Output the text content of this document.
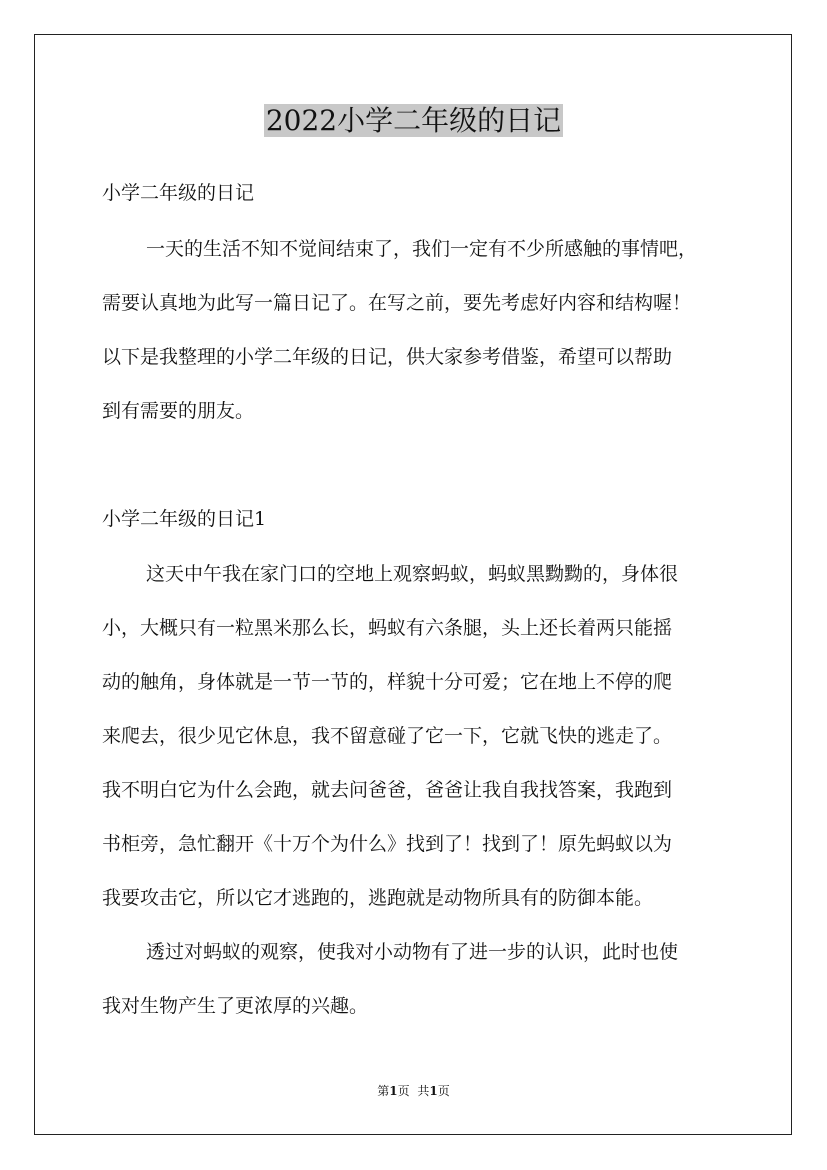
2022小学二年级的日记
小学二年级的日记
一天的生活不知不觉间结束了，我们一定有不少所感触的事情吧，
需要认真地为此写一篇日记了。在写之前，要先考虑好内容和结构喔！
以下是我整理的小学二年级的日记，供大家参考借鉴，希望可以帮助
到有需要的朋友。
小学二年级的日记1
这天中午我在家门口的空地上观察蚂蚁，蚂蚁黑黝黝的，身体很
小，大概只有一粒黑米那么长，蚂蚁有六条腿，头上还长着两只能摇
动的触角，身体就是一节一节的，样貌十分可爱；它在地上不停的爬
来爬去，很少见它休息，我不留意碰了它一下，它就飞快的逃走了。
我不明白它为什么会跑，就去问爸爸，爸爸让我自我找答案，我跑到
书柜旁，急忙翻开《十万个为什么》找到了！找到了！原先蚂蚁以为
我要攻击它，所以它才逃跑的，逃跑就是动物所具有的防御本能。
透过对蚂蚁的观察，使我对小动物有了进一步的认识，此时也使
我对生物产生了更浓厚的兴趣。
第1页 共1页
